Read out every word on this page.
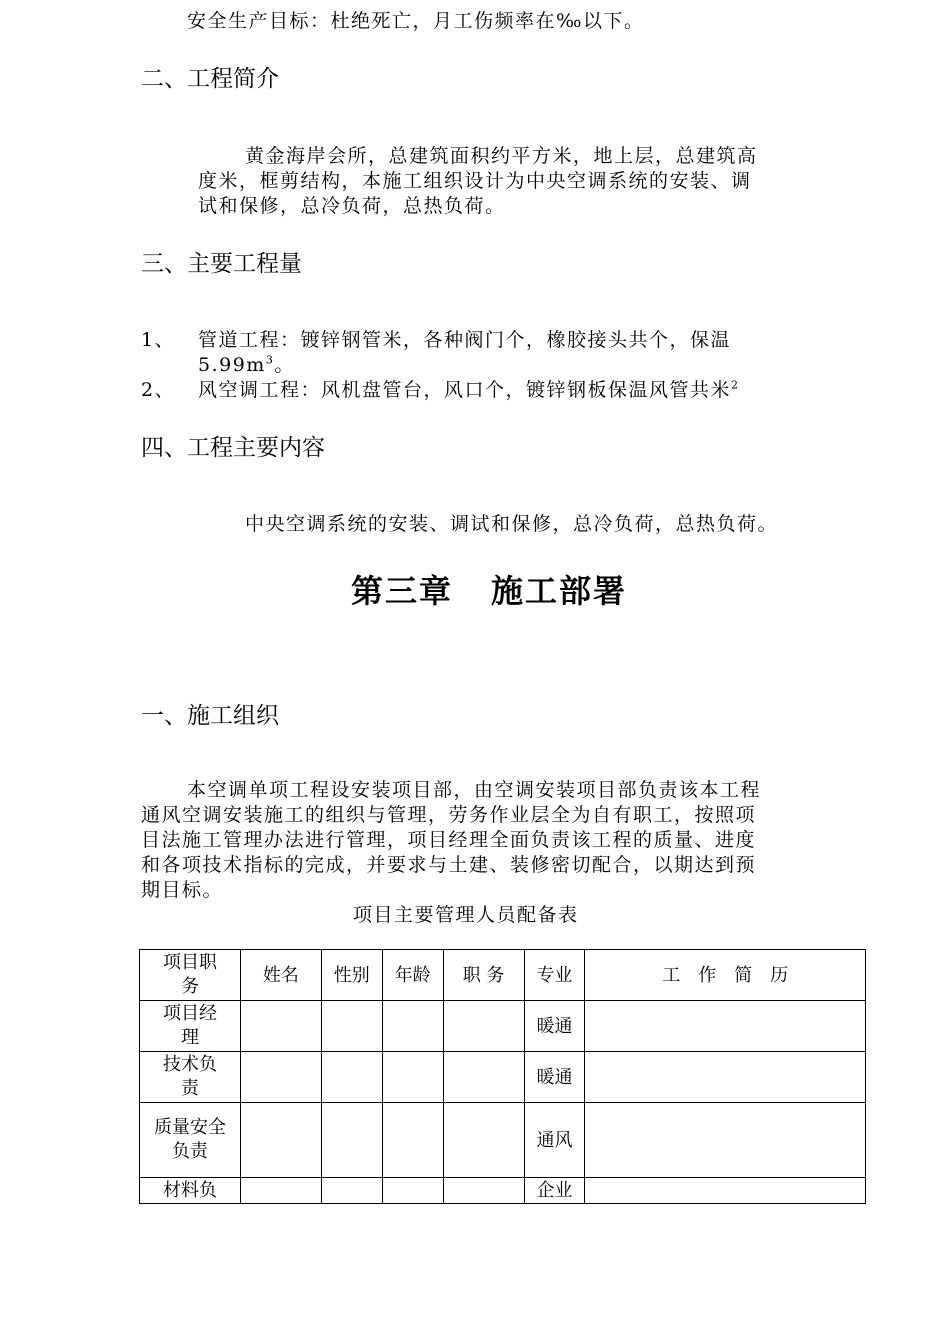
安全生产目标：杜绝死亡，月工伤频率在‰以下。
二、工程简介
黄金海岸会所，总建筑面积约平方米，地上层，总建筑高
度米，框剪结构，本施工组织设计为中央空调系统的安装、调
试和保修，总冷负荷，总热负荷。
三、主要工程量
1、 管道工程：镀锌钢管米，各种阀门个，橡胶接头共个，保温
$5.99m^3$。
2、 风空调工程：风机盘管台，风口个，镀锌钢板保温风管共米$^2$
四、工程主要内容
中央空调系统的安装、调试和保修，总冷负荷，总热负荷。
第三章 施工部署
一、施工组织
本空调单项工程设安装项目部，由空调安装项目部负责该本工程
通风空调安装施工的组织与管理，劳务作业层全为自有职工，按照项
目法施工管理办法进行管理，项目经理全面负责该工程的质量、进度
和各项技术指标的完成，并要求与土建、装修密切配合，以期达到预
期目标。
项目主要管理人员配备表
项目职务	姓名	性别	年龄	职 务	专业	工　作　简　历
项目经理					暖通	
技术负责					暖通	

质量安全负责					通风	
材料负					企业	
